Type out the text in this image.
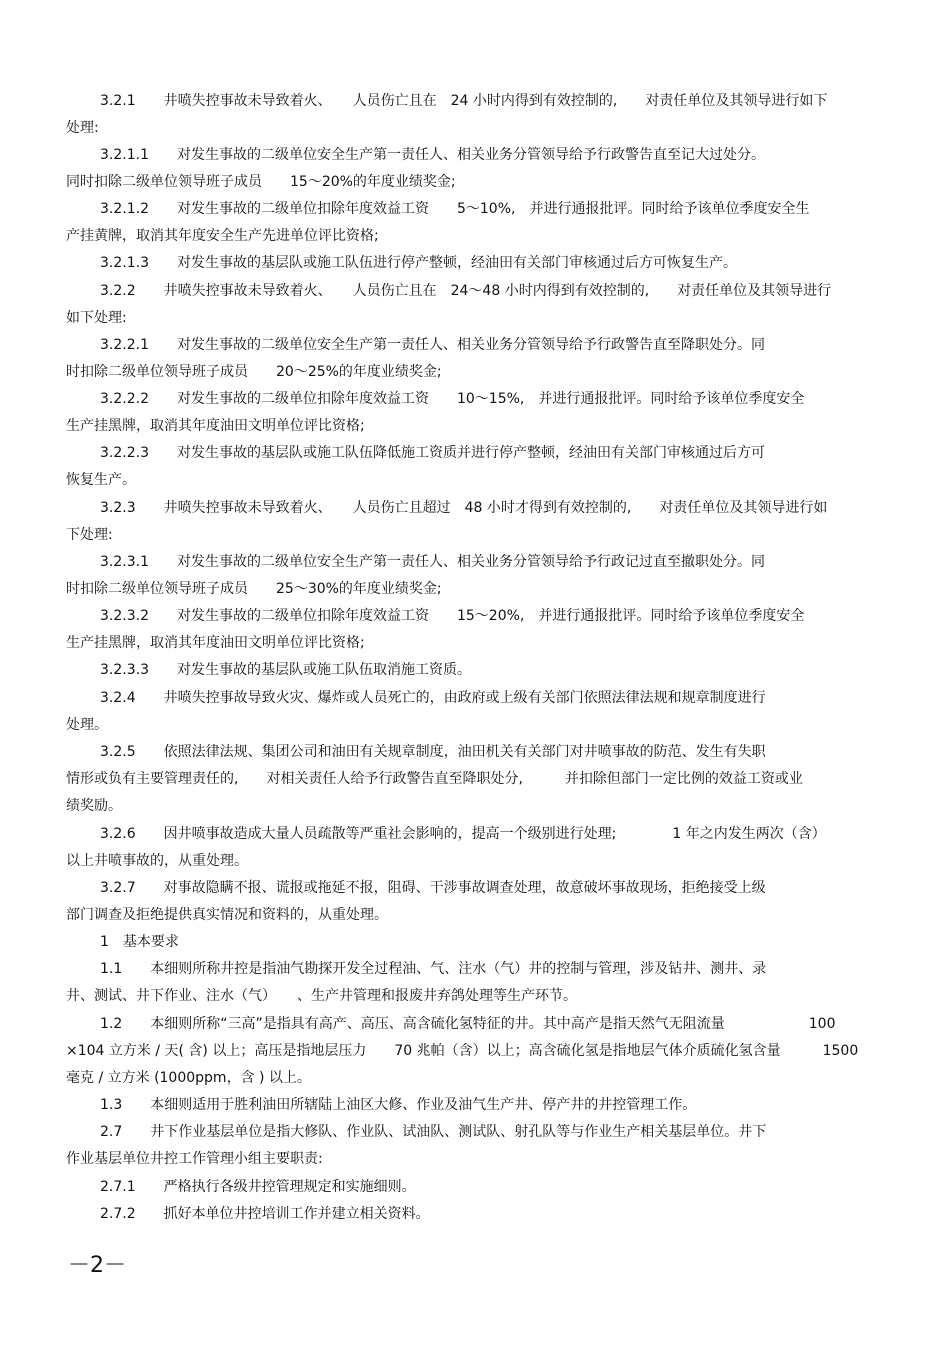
3.2.1　　井喷失控事故未导致着火、　　人员伤亡且在　24 小时内得到有效控制的,　　对责任单位及其领导进行如下
处理:
3.2.1.1　　对发生事故的二级单位安全生产第一责任人、相关业务分管领导给予行政警告直至记大过处分。
同时扣除二级单位领导班子成员　　15～20%的年度业绩奖金;
3.2.1.2　　对发生事故的二级单位扣除年度效益工资　　5～10%,　并进行通报批评。同时给予该单位季度安全生
产挂黄牌，取消其年度安全生产先进单位评比资格;
3.2.1.3　　对发生事故的基层队或施工队伍进行停产整顿，经油田有关部门审核通过后方可恢复生产。
3.2.2　　井喷失控事故未导致着火、　　人员伤亡且在　24～48 小时内得到有效控制的,　　对责任单位及其领导进行
如下处理:
3.2.2.1　　对发生事故的二级单位安全生产第一责任人、相关业务分管领导给予行政警告直至降职处分。同
时扣除二级单位领导班子成员　　20～25%的年度业绩奖金;
3.2.2.2　　对发生事故的二级单位扣除年度效益工资　　10～15%,　并进行通报批评。同时给予该单位季度安全
生产挂黑牌，取消其年度油田文明单位评比资格;
3.2.2.3　　对发生事故的基层队或施工队伍降低施工资质并进行停产整顿，经油田有关部门审核通过后方可
恢复生产。
3.2.3　　井喷失控事故未导致着火、　　人员伤亡且超过　48 小时才得到有效控制的,　　对责任单位及其领导进行如
下处理:
3.2.3.1　　对发生事故的二级单位安全生产第一责任人、相关业务分管领导给予行政记过直至撤职处分。同
时扣除二级单位领导班子成员　　25～30%的年度业绩奖金;
3.2.3.2　　对发生事故的二级单位扣除年度效益工资　　15～20%,　并进行通报批评。同时给予该单位季度安全
生产挂黑牌，取消其年度油田文明单位评比资格;
3.2.3.3　　对发生事故的基层队或施工队伍取消施工资质。
3.2.4　　井喷失控事故导致火灾、爆炸或人员死亡的，由政府或上级有关部门依照法律法规和规章制度进行
处理。
3.2.5　　依照法律法规、集团公司和油田有关规章制度，油田机关有关部门对井喷事故的防范、发生有失职
情形或负有主要管理责任的,　　对相关责任人给予行政警告直至降职处分,　　　并扣除但部门一定比例的效益工资或业
绩奖励。
3.2.6　　因井喷事故造成大量人员疏散等严重社会影响的，提高一个级别进行处理;　　　　1 年之内发生两次（含）
以上井喷事故的，从重处理。
3.2.7　　对事故隐瞒不报、谎报或拖延不报，阻碍、干涉事故调查处理，故意破坏事故现场，拒绝接受上级
部门调查及拒绝提供真实情况和资料的，从重处理。
1　基本要求
1.1　　本细则所称井控是指油气勘探开发全过程油、气、注水（气）井的控制与管理，涉及钻井、测井、录
井、测试、井下作业、注水（气）　　、生产井管理和报废井弃鸽处理等生产环节。
1.2　　本细则所称“三高”是指具有高产、高压、高含硫化氢特征的井。其中高产是指天然气无阻流量　　　　　　100
×104 立方米 / 天( 含) 以上；高压是指地层压力　　70 兆帕（含）以上；高含硫化氢是指地层气体介质硫化氢含量　　　1500
毫克 / 立方米 (1000ppm，含 ) 以上。
1.3　　本细则适用于胜利油田所辖陆上油区大修、作业及油气生产井、停产井的井控管理工作。
2.7　　井下作业基层单位是指大修队、作业队、试油队、测试队、射孔队等与作业生产相关基层单位。井下
作业基层单位井控工作管理小组主要职责:
2.7.1　　严格执行各级井控管理规定和实施细则。
2.7.2　　抓好本单位井控培训工作并建立相关资料。
－2－
